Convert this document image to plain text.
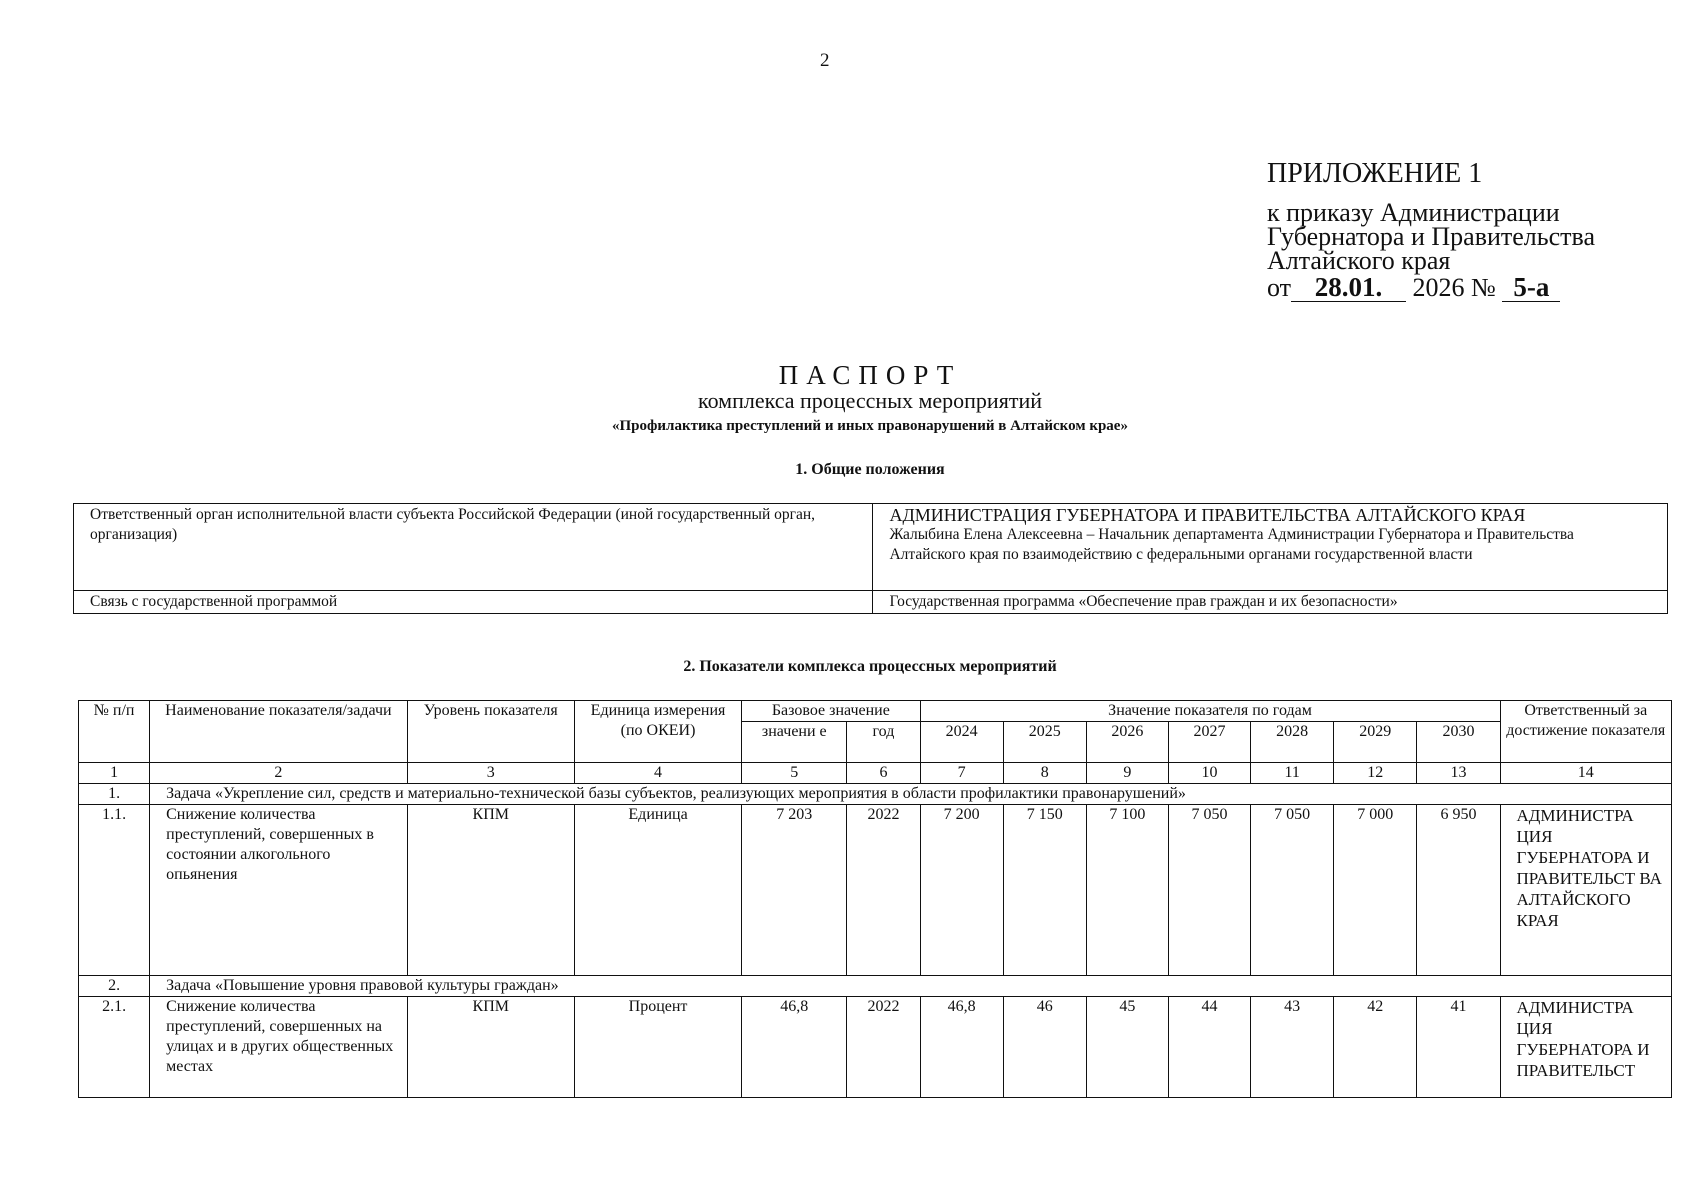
2
ПРИЛОЖЕНИЕ 1
к приказу Администрации
Губернатора и Правительства
Алтайского края
от 28.01. 2026 № 5-а
ПАСПОРТ
комплекса процессных мероприятий
«Профилактика преступлений и иных правонарушений в Алтайском крае»
1. Общие положения
Ответственный орган исполнительной власти субъекта Российской Федерации (иной государственный орган, организация)	АДМИНИСТРАЦИЯ ГУБЕРНАТОРА И ПРАВИТЕЛЬСТВА АЛТАЙСКОГО КРАЯ
Жалыбина Елена Алексеевна – Начальник департамента Администрации Губернатора и Правительства Алтайского края по взаимодействию с федеральными органами государственной власти

Связь с государственной программой	Государственная программа «Обеспечение прав граждан и их безопасности»
2. Показатели комплекса процессных мероприятий
№ п/п	Наименование показателя/задачи	Уровень показателя	Единица измерения (по ОКЕИ)	Базовое значение		Значение показателя по годам							Ответственный за достижение показателя
				значени е	год	2024	2025	2026	2027	2028	2029	2030	
1	2	3	4	5	6	7	8	9	10	11	12	13	14
1.	Задача «Укрепление сил, средств и материально-технической базы субъектов, реализующих мероприятия в области профилактики правонарушений»												
1.1.	Снижение количества преступлений, совершенных в состоянии алкогольного опьянения	КПМ	Единица	7 203	2022	7 200	7 150	7 100	7 050	7 050	7 000	6 950	АДМИНИСТРА ЦИЯ ГУБЕРНАТОРА И ПРАВИТЕЛЬСТ ВА АЛТАЙСКОГО КРАЯ
2.	Задача «Повышение уровня правовой культуры граждан»												
2.1.	Снижение количества преступлений, совершенных на улицах и в других общественных местах	КПМ	Процент	46,8	2022	46,8	46	45	44	43	42	41	АДМИНИСТРА ЦИЯ ГУБЕРНАТОРА И ПРАВИТЕЛЬСТ
